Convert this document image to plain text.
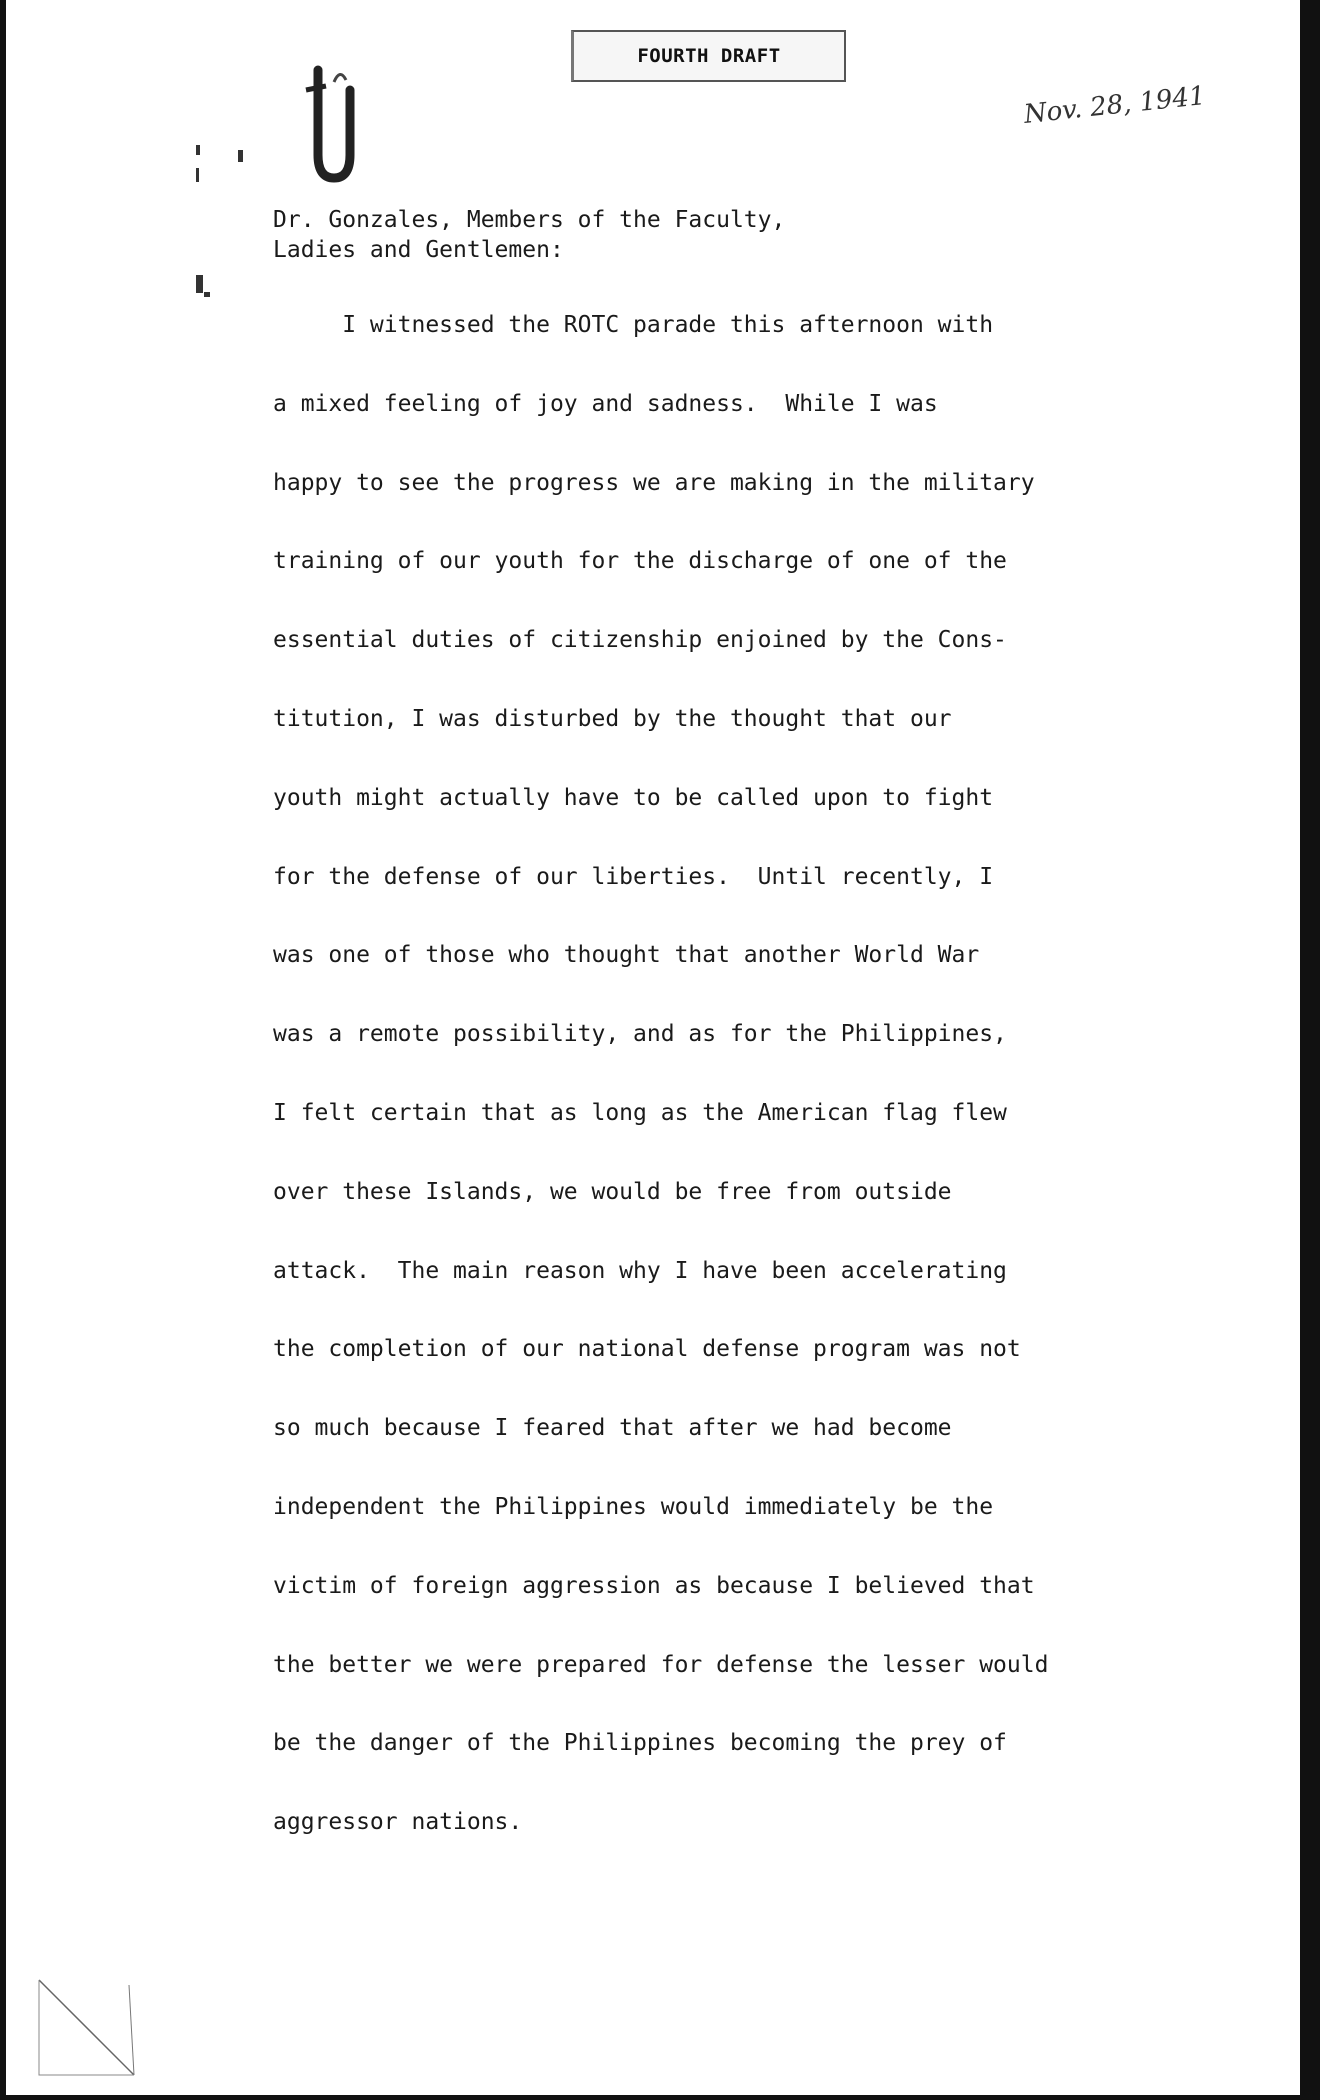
FOURTH DRAFT
Nov. 28, 1941
Dr. Gonzales, Members of the Faculty,
Ladies and Gentlemen:
I witnessed the ROTC parade this afternoon with
a mixed feeling of joy and sadness.  While I was
happy to see the progress we are making in the military
training of our youth for the discharge of one of the
essential duties of citizenship enjoined by the Cons-
titution, I was disturbed by the thought that our
youth might actually have to be called upon to fight
for the defense of our liberties.  Until recently, I
was one of those who thought that another World War
was a remote possibility, and as for the Philippines,
I felt certain that as long as the American flag flew
over these Islands, we would be free from outside
attack.  The main reason why I have been accelerating
the completion of our national defense program was not
so much because I feared that after we had become
independent the Philippines would immediately be the
victim of foreign aggression as because I believed that
the better we were prepared for defense the lesser would
be the danger of the Philippines becoming the prey of
aggressor nations.
